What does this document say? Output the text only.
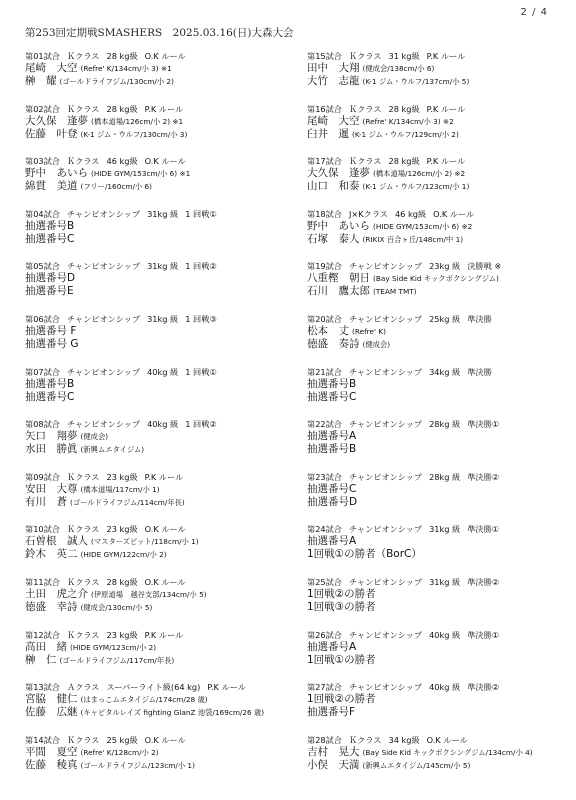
2 / 4
第253回定期戦SMASHERS　2025.03.16(日)大森大会
第01試合 Ｋクラス 28 kg級 O.K ルール
尾崎　大空 (Refre' K/134cm/小 3) ※1
榊　耀 (ゴールドライフジム/130cm/小 2)
第02試合 Ｋクラス 28 kg級 P.K ルール
大久保　逢夢 (橋本道場/126cm/小 2) ※1
佐藤　叶登 (K-1 ジム・ウルフ/130cm/小 3)
第03試合 Ｋクラス 46 kg級 O.K ルール
野中　あいら (HIDE GYM/153cm/小 6) ※1
綿貫　美道 (フリー/160cm/小 6)
第04試合 チャンピオンシップ 31kg 級 1 回戦①
抽選番号B
抽選番号C
第05試合 チャンピオンシップ 31kg 級 1 回戦②
抽選番号D
抽選番号E
第06試合 チャンピオンシップ 31kg 級 1 回戦③
抽選番号 F
抽選番号 G
第07試合 チャンピオンシップ 40kg 級 1 回戦①
抽選番号B
抽選番号C
第08試合 チャンピオンシップ 40kg 級 1 回戦②
矢口　翔夢 (健成会)
水田　勝眞 (新興ムエタイジム)
第09試合 Ｋクラス 23 kg級 P.K ルール
安田　大尊 (橋本道場/117cm/小 1)
有川　蒼 (ゴールドライフジム/114cm/年長)
第10試合 Ｋクラス 23 kg級 O.K ルール
石曽根　誠人 (マスターズピット/118cm/小 1)
鈴木　英二 (HIDE GYM/122cm/小 2)
第11試合 Ｋクラス 28 kg級 O.K ルール
土田　虎之介 (伊原道場　越谷支部/134cm/小 5)
徳盛　幸詩 (健成会/130cm/小 5)
第12試合 Ｋクラス 23 kg級 P.K ルール
高田　緒 (HIDE GYM/123cm/小 2)
榊　仁 (ゴールドライフジム/117cm/年長)
第13試合 Ａクラス スーパーライト級(64 kg) P.K ルール
宮脇　健仁 (はまっこムエタイジム/174cm/28 歳)
佐藤　広継 (キャピタルレイズ fighting GlanZ 池袋/169cm/26 歳)
第14試合 Ｋクラス 25 kg級 O.K ルール
平間　夏空 (Refre' K/128cm/小 2)
佐藤　稜真 (ゴールドライフジム/123cm/小 1)
第15試合 Ｋクラス 31 kg級 P.K ルール
田中　大翔 (健成会/138cm/小 6)
大竹　志龍 (K-1 ジム・ウルフ/137cm/小 5)
第16試合 Ｋクラス 28 kg級 P.K ルール
尾崎　大空 (Refre' K/134cm/小 3) ※2
臼井　暹 (K-1 ジム・ウルフ/129cm/小 2)
第17試合 Ｋクラス 28 kg級 P.K ルール
大久保　逢夢 (橋本道場/126cm/小 2) ※2
山口　和泰 (K-1 ジム・ウルフ/123cm/小 1)
第18試合 J×Kクラス 46 kg級 O.K ルール
野中　あいら (HIDE GYM/153cm/小 6) ※2
石塚　泰人 (RIKIX 百合ヶ丘/148cm/中 1)
第19試合 チャンピオンシップ 23kg 級 決勝戦 ※
八重樫　朝日 (Bay Side Kid キックボクシングジム)
石川　鷹太郎 (TEAM TMT)
第20試合 チャンピオンシップ 25kg 級 準決勝
松本　丈 (Refre' K)
徳盛　奏詩 (健成会)
第21試合 チャンピオンシップ 34kg 級 準決勝
抽選番号B
抽選番号C
第22試合 チャンピオンシップ 28kg 級 準決勝①
抽選番号A
抽選番号B
第23試合 チャンピオンシップ 28kg 級 準決勝②
抽選番号C
抽選番号D
第24試合 チャンピオンシップ 31kg 級 準決勝①
抽選番号A
1回戦①の勝者（BorC）
第25試合 チャンピオンシップ 31kg 級 準決勝②
1回戦②の勝者
1回戦③の勝者
第26試合 チャンピオンシップ 40kg 級 準決勝①
抽選番号A
1回戦①の勝者
第27試合 チャンピオンシップ 40kg 級 準決勝②
1回戦②の勝者
抽選番号F
第28試合 Ｋクラス 34 kg級 O.K ルール
吉村　晃大 (Bay Side Kid キックボクシングジム/134cm/小 4)
小俣　天満 (新興ムエタイジム/145cm/小 5)
